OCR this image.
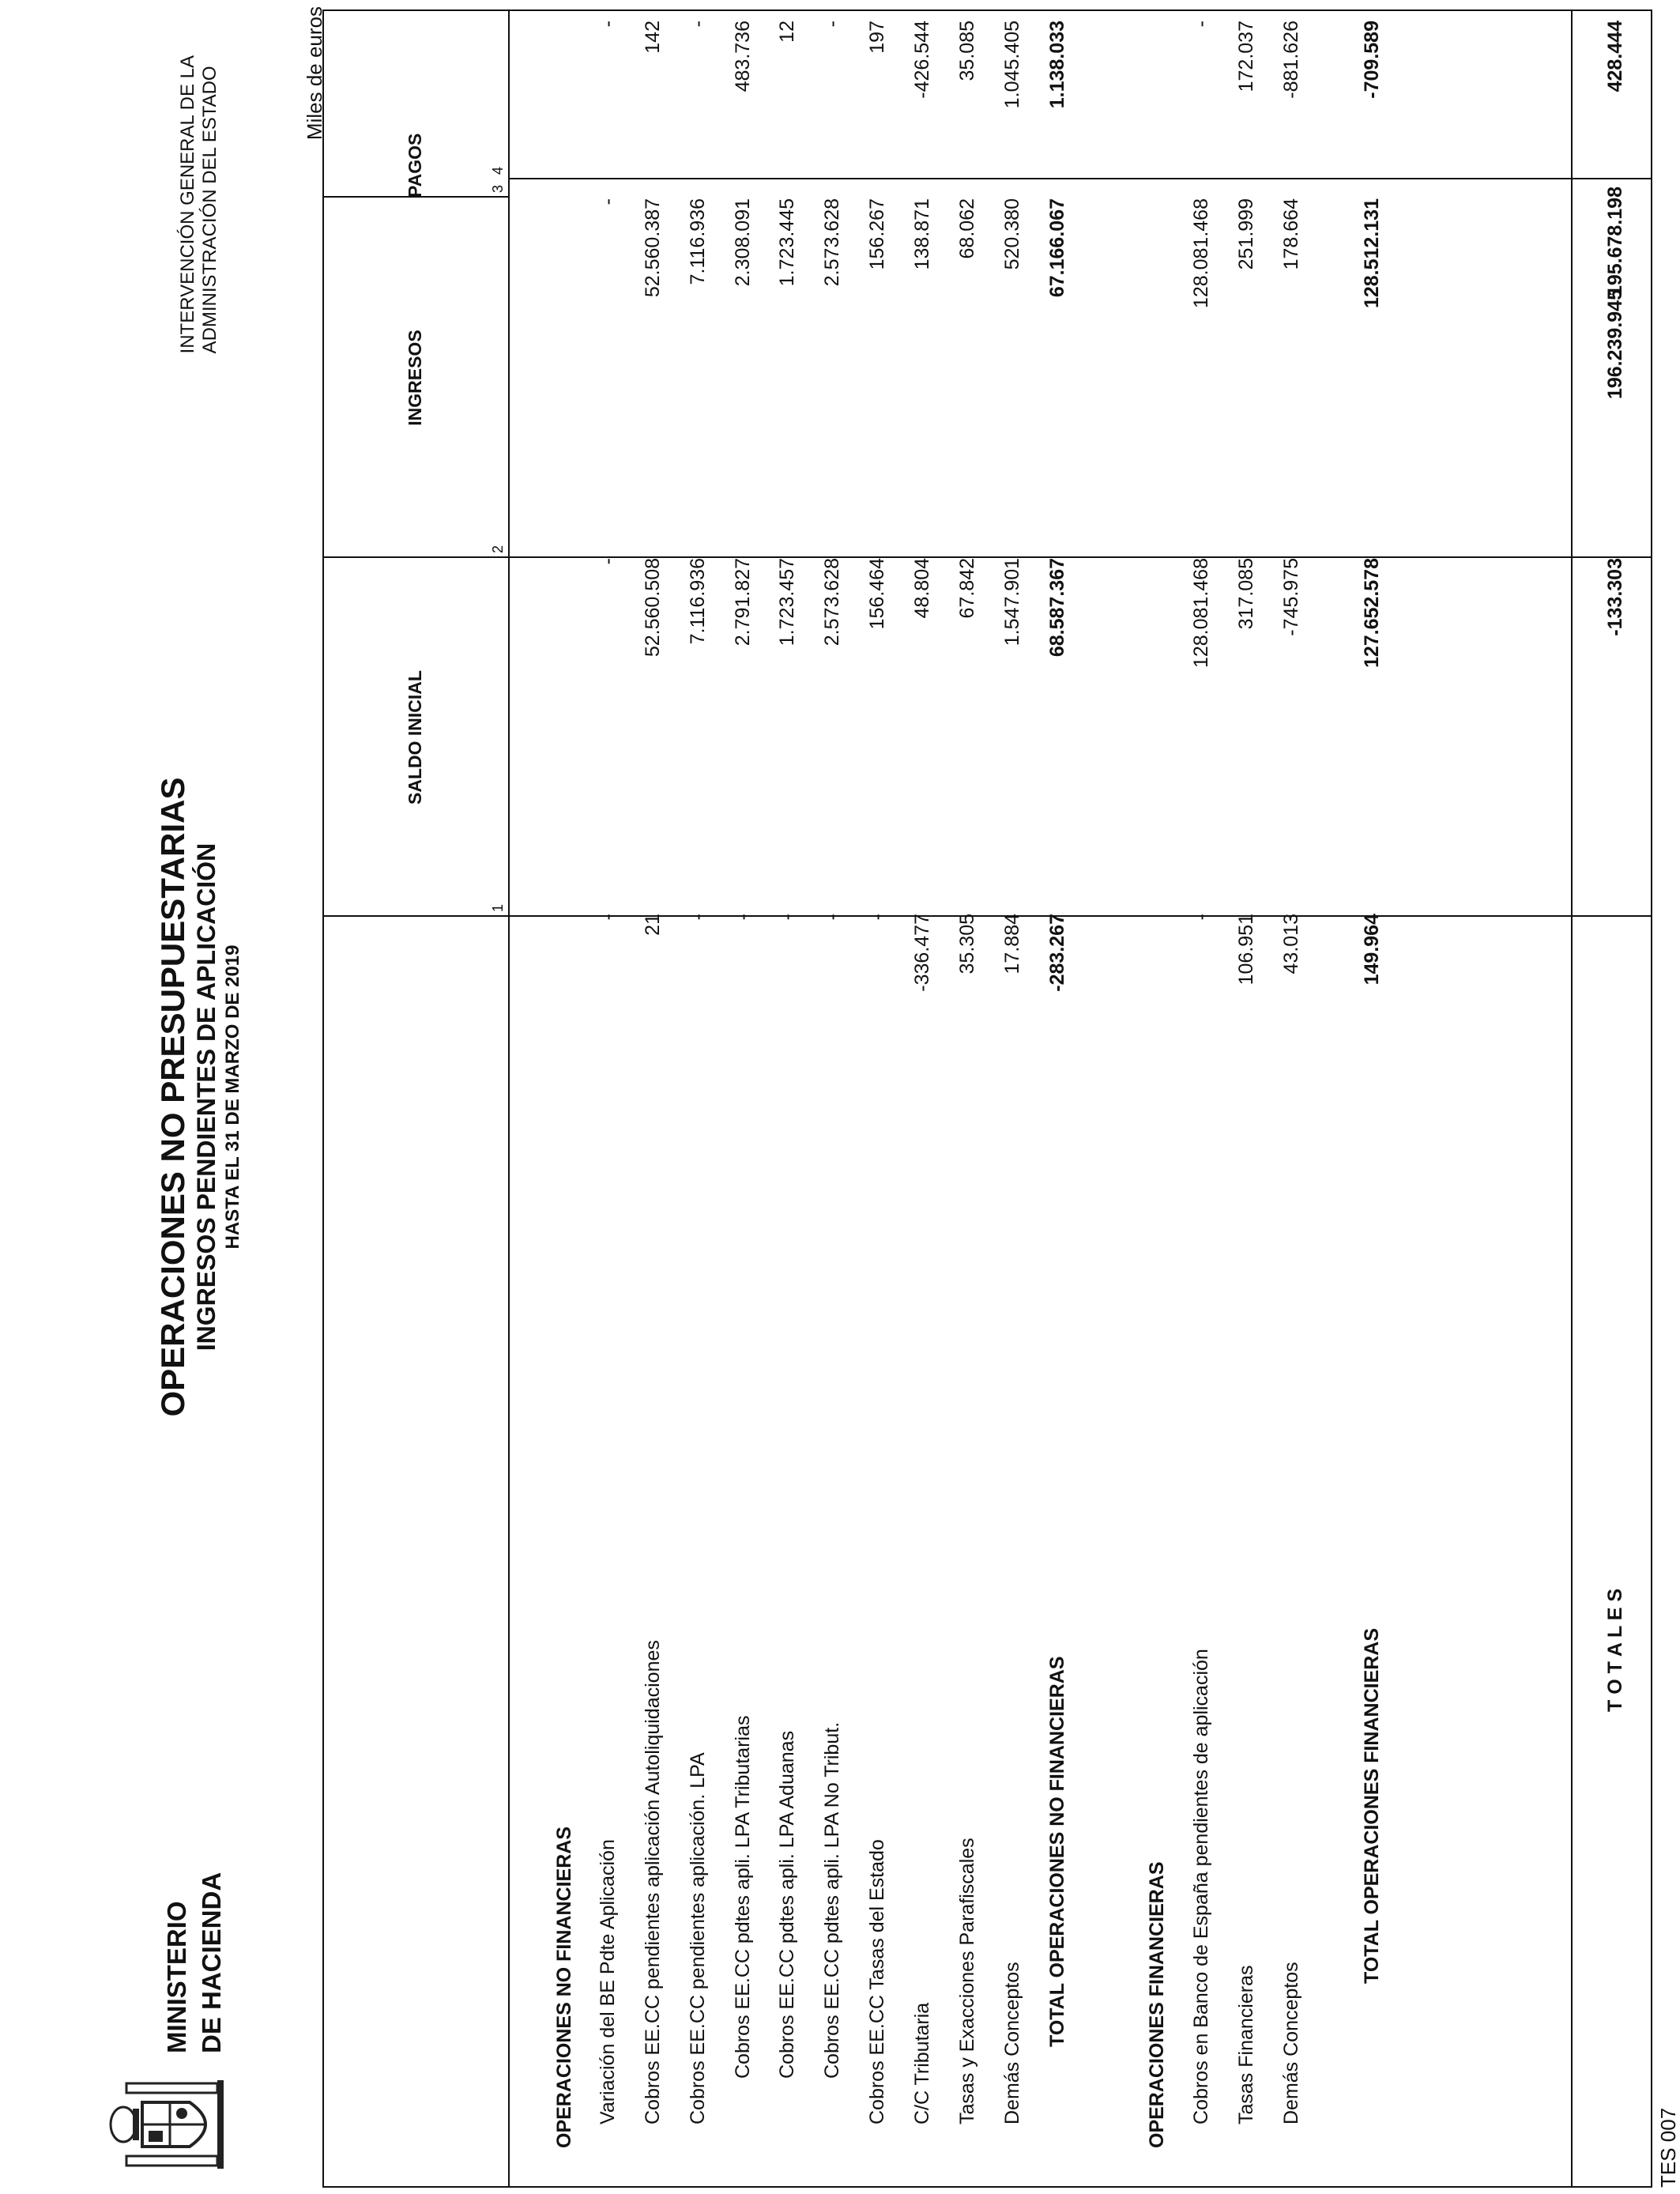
MINISTERIO DE HACIENDA
OPERACIONES NO PRESUPUESTARIAS INGRESOS PENDIENTES DE APLICACIÓN HASTA EL 31 DE MARZO DE 2019
INTERVENCIÓN GENERAL DE LA ADMINISTRACIÓN DEL ESTADO	Miles de euros
SALDO INICIAL
INGRESOS
PAGOS
1
2
3
4
OPERACIONES NO FINANCIERAS Variación del BE Pdte Aplicación
-
-
-
-
Cobros EE.CC pendientes aplicación Autoliquidaciones
21
52.560.508
52.560.387
142
Cobros EE.CC pendientes aplicación. LPA
-
7.116.936
7.116.936
-
Cobros EE.CC pdtes apli. LPA Tributarias
-
2.791.827
2.308.091
483.736
Cobros EE.CC pdtes apli. LPA Aduanas
-
1.723.457
1.723.445
12
Cobros EE.CC pdtes apli. LPA No Tribut.
-
2.573.628
2.573.628
-
Cobros EE.CC Tasas del Estado
-
156.464
156.267
197
C/C Tributaria
-336.477
48.804
138.871
-426.544
Tasas y Exacciones Parafiscales
35.305
67.842
68.062
35.085
Demás Conceptos
17.884
1.547.901
520.380
1.045.405
TOTAL OPERACIONES NO FINANCIERAS
-283.267
68.587.367
67.166.067
1.138.033
OPERACIONES FINANCIERAS Cobros en Banco de España pendientes de aplicación
-
128.081.468
128.081.468
-
Tasas Financieras
106.951
317.085
251.999
172.037
Demás Conceptos
43.013
-745.975
178.664
-881.626
TOTAL OPERACIONES FINANCIERAS
149.964
127.652.578
128.512.131
-709.589
T O T A L E S
-133.303
196.239.945
195.678.198
428.444
TES 007
